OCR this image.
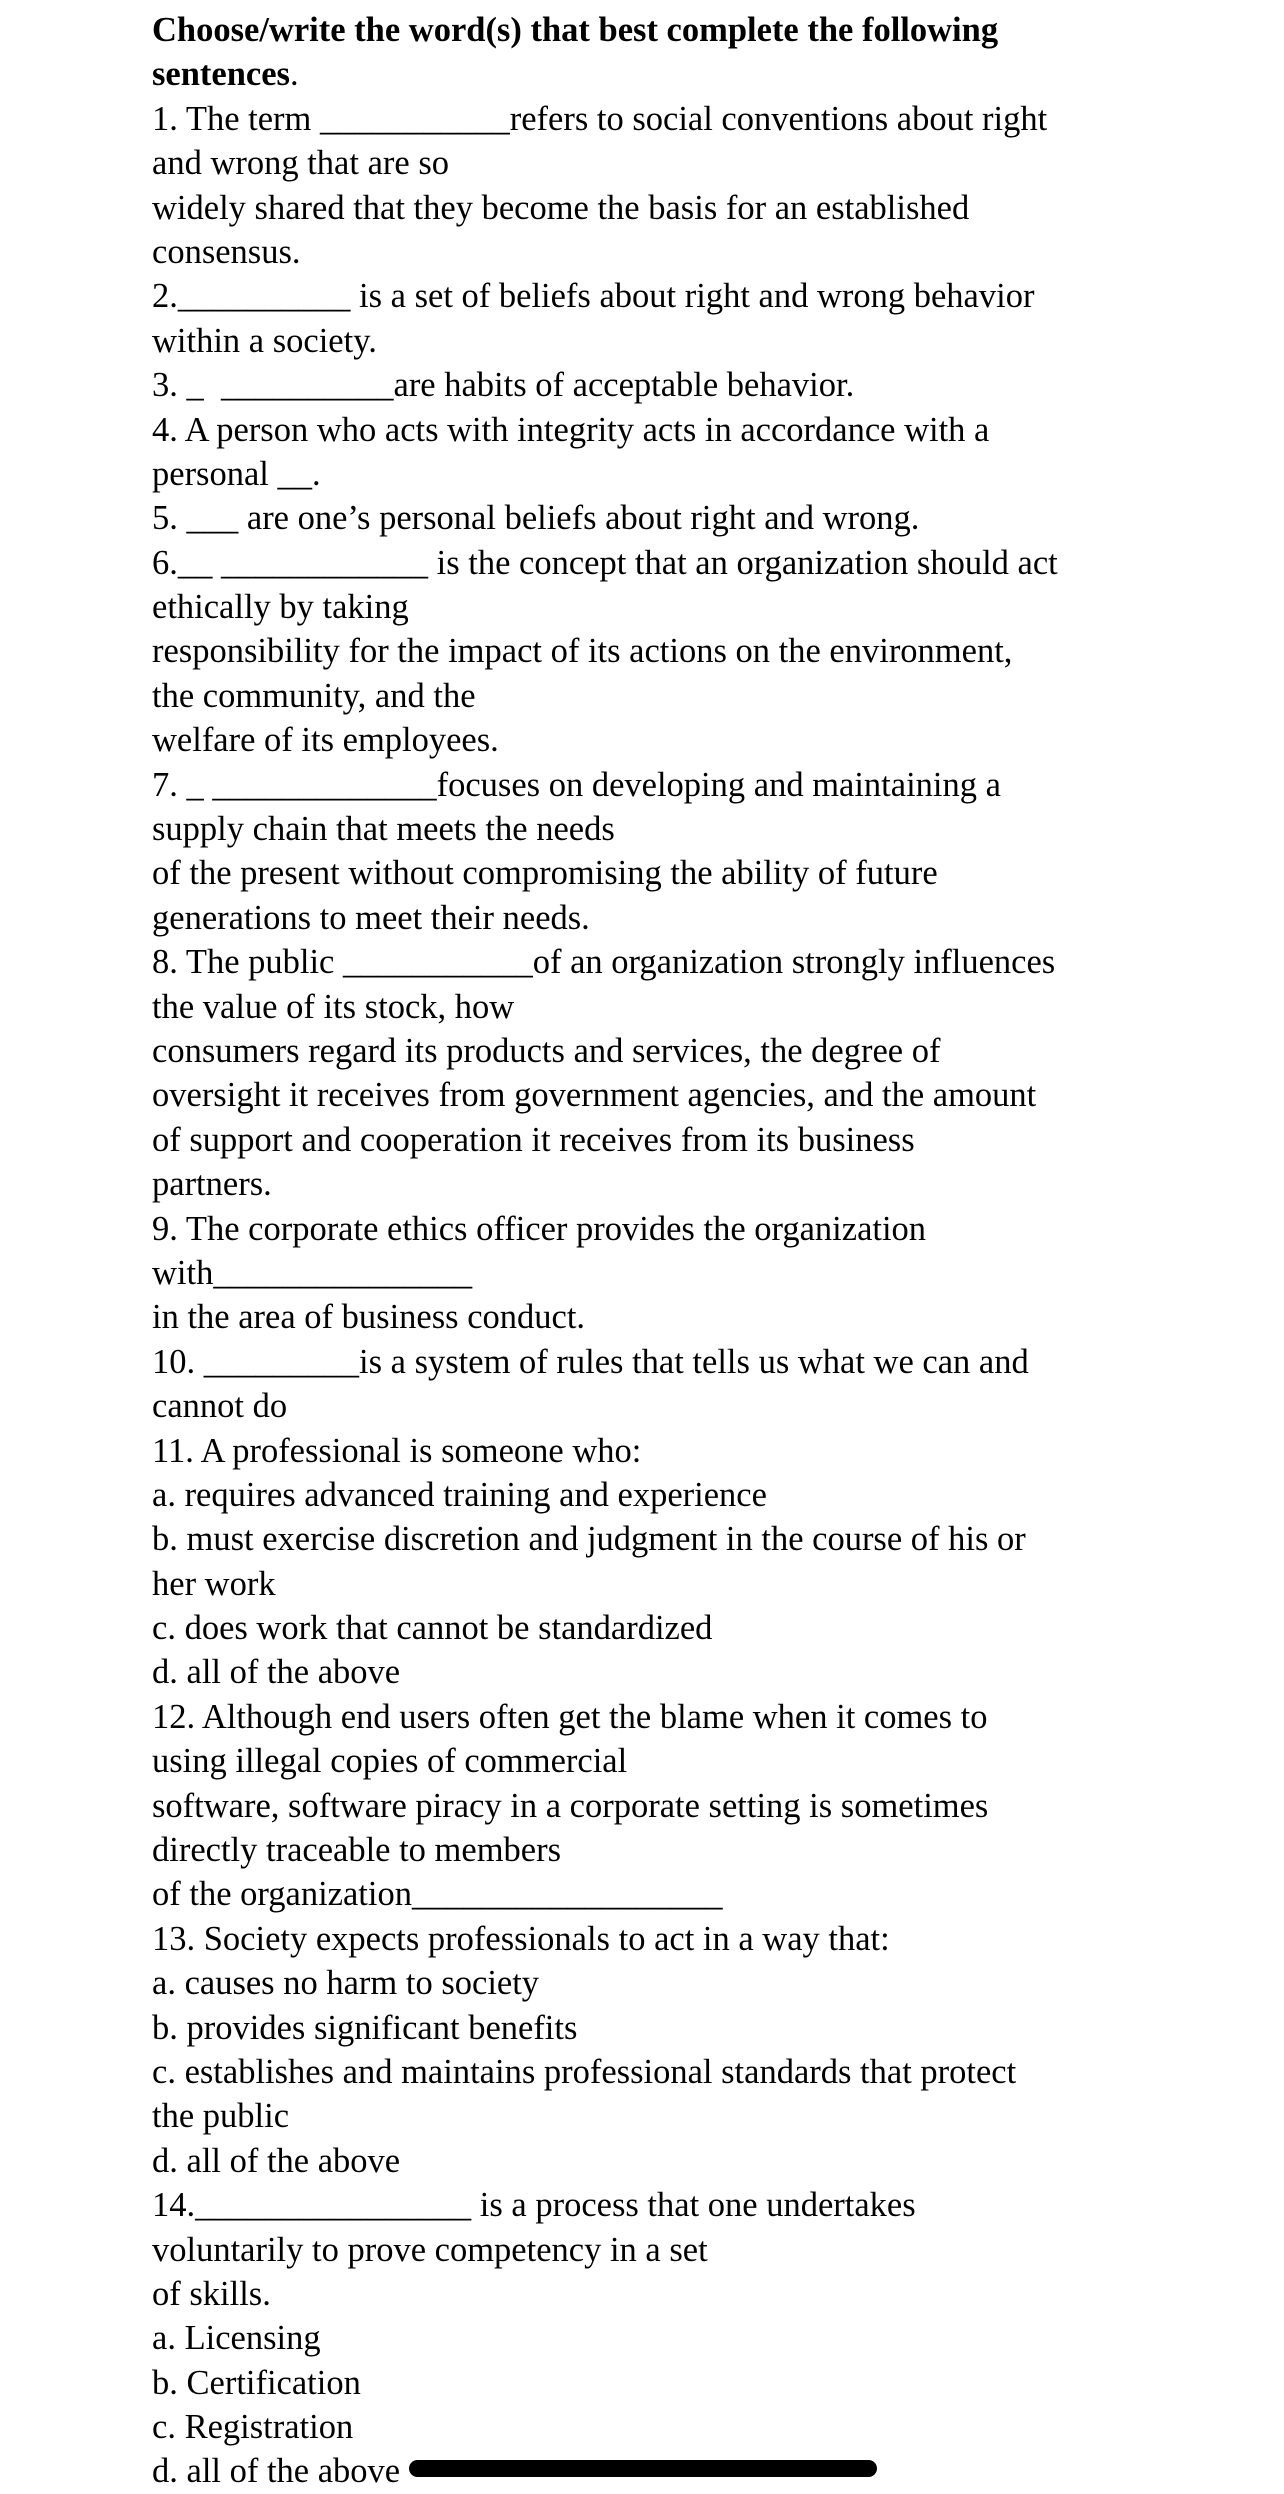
Choose/write the word(s) that best complete the following
sentences.
1. The term ___________refers to social conventions about right
and wrong that are so
widely shared that they become the basis for an established
consensus.
2.__________ is a set of beliefs about right and wrong behavior
within a society.
3. _  __________are habits of acceptable behavior.
4. A person who acts with integrity acts in accordance with a
personal __.
5. ___ are one’s personal beliefs about right and wrong.
6.__ ____________ is the concept that an organization should act
ethically by taking
responsibility for the impact of its actions on the environment,
the community, and the
welfare of its employees.
7. _ _____________focuses on developing and maintaining a
supply chain that meets the needs
of the present without compromising the ability of future
generations to meet their needs.
8. The public ___________of an organization strongly influences
the value of its stock, how
consumers regard its products and services, the degree of
oversight it receives from government agencies, and the amount
of support and cooperation it receives from its business
partners.
9. The corporate ethics officer provides the organization
with_______________
in the area of business conduct.
10. _________is a system of rules that tells us what we can and
cannot do
11. A professional is someone who:
a. requires advanced training and experience
b. must exercise discretion and judgment in the course of his or
her work
c. does work that cannot be standardized
d. all of the above
12. Although end users often get the blame when it comes to
using illegal copies of commercial
software, software piracy in a corporate setting is sometimes
directly traceable to members
of the organization__________________
13. Society expects professionals to act in a way that:
a. causes no harm to society
b. provides significant benefits
c. establishes and maintains professional standards that protect
the public
d. all of the above
14.________________ is a process that one undertakes
voluntarily to prove competency in a set
of skills.
a. Licensing
b. Certification
c. Registration
d. all of the above
